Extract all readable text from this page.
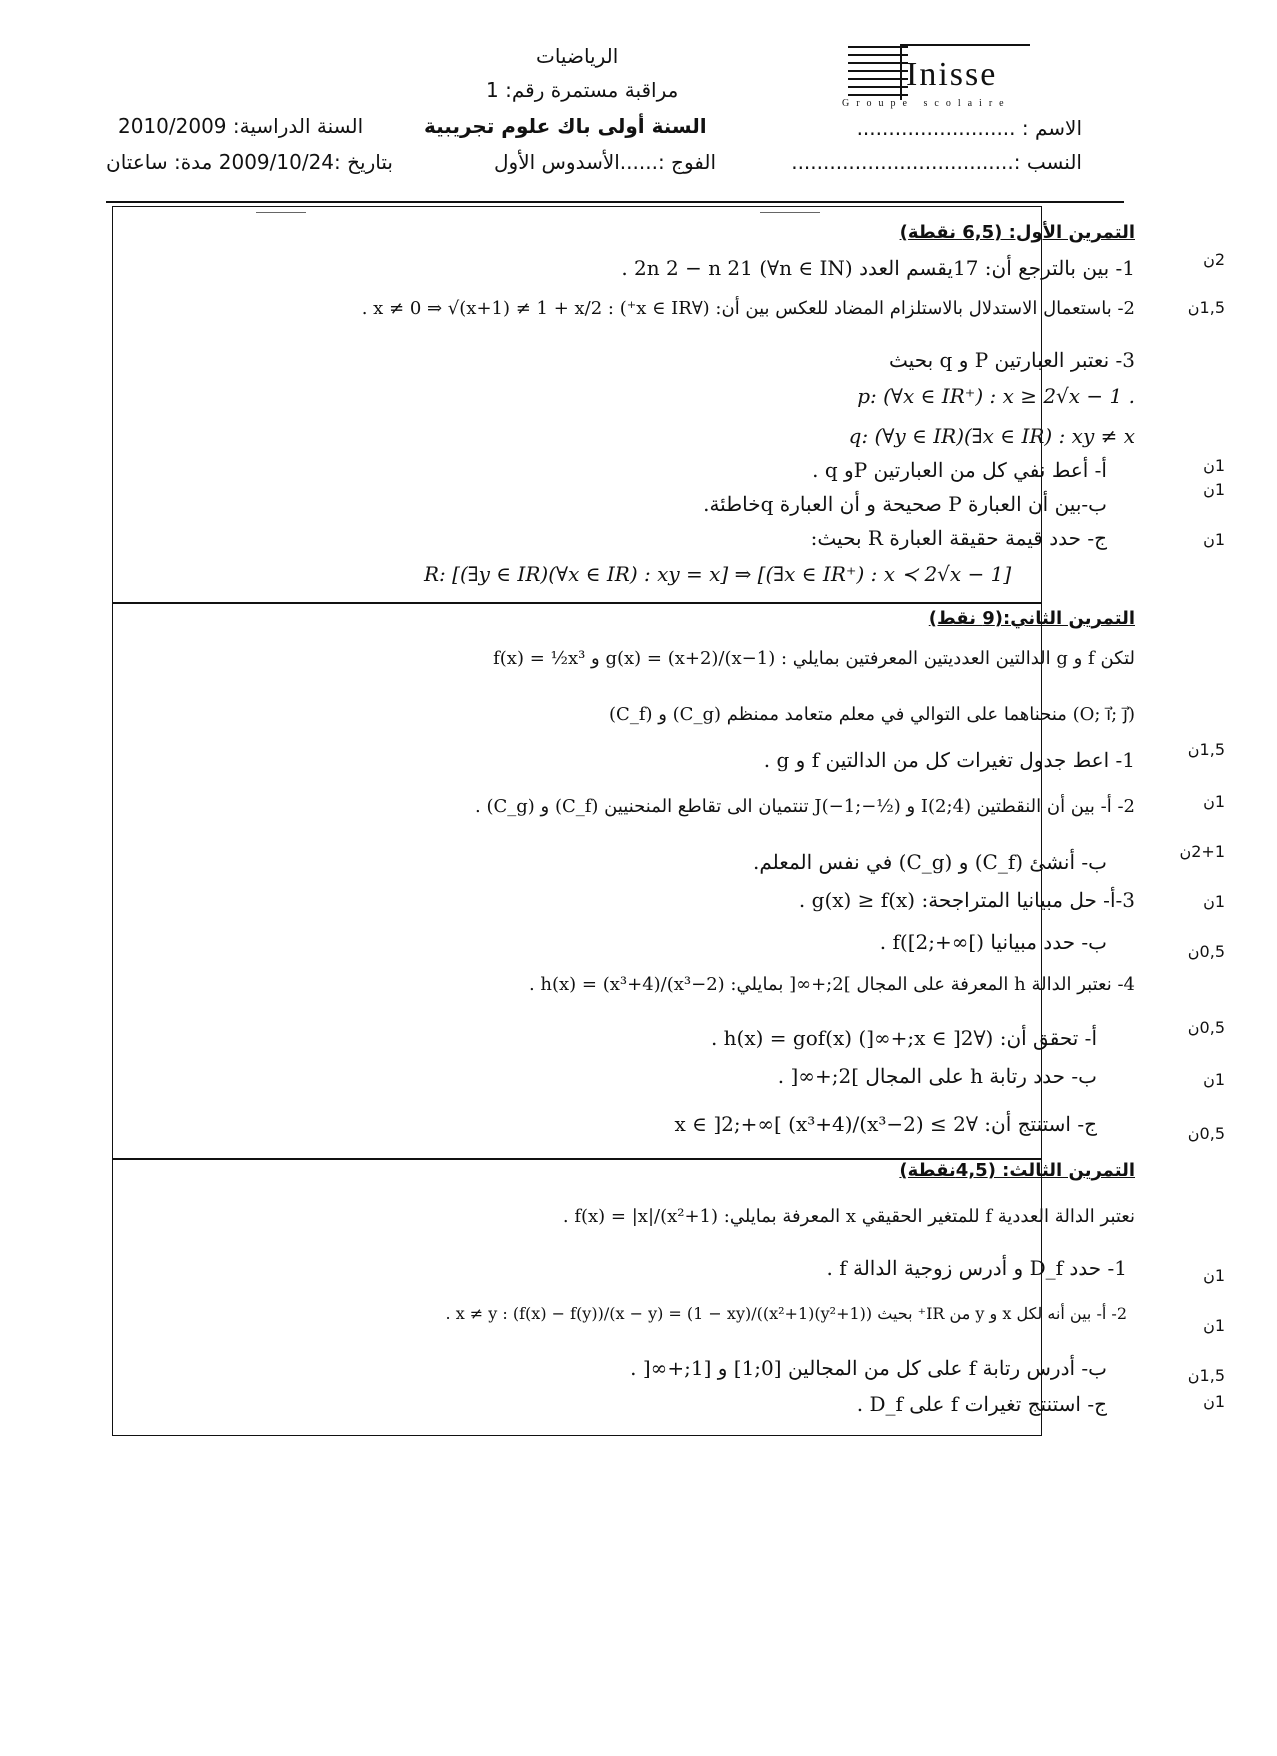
Inisse
Groupe scolaire
الرياضيات
مراقبة مستمرة رقم: 1
السنة أولى باك علوم تجريبية
السنة الدراسية: 2010/2009
بتاريخ :2009/10/24 مدة: ساعتان	الفوج :......الأسدوس الأول
الاسم : .........................
النسب :...................................
التمرين الأول: (6,5 نقطة)
1- بين بالترجع أن: 17يقسم العدد 2n 2 − n 21 (∀n ∈ IN) .
2- باستعمال الاستدلال بالاستلزام المضاد للعكس بين أن: (∀x ∈ IR⁺) : x ≠ 0 ⇒ √(x+1) ≠ 1 + x/2 .
3- نعتبر العبارتين P و q بحيث
p: (∀x ∈ IR⁺) : x ≥ 2√x − 1 .
q: (∀y ∈ IR)(∃x ∈ IR) : xy ≠ x
أ- أعط نفي كل من العبارتين Pو q .
ب-بين أن العبارة P صحيحة و أن العبارة qخاطئة.
ج- حدد قيمة حقيقة العبارة R بحيث:
R: [(∃y ∈ IR)(∀x ∈ IR) : xy = x] ⇒ [(∃x ∈ IR⁺) : x ≺ 2√x − 1]
2ن
1,5ن
1ن
1ن
1ن
التمرين الثاني:(9 نقط)
لتكن f و g الدالتين العدديتين المعرفتين بمايلي : g(x) = (x+2)/(x−1) و f(x) = ½x³
(C_f) و (C_g) منحناهما على التوالي في معلم متعامد ممنظم (O; i⃗; j⃗)
1- اعط جدول تغيرات كل من الدالتين f و g .
2- أ- بين أن النقطتين I(2;4) و J(−1;−½) تنتميان الى تقاطع المنحنيين (C_f) و (C_g) .
ب- أنشئ (C_f) و (C_g) في نفس المعلم.
3-أ- حل مبيانيا المتراجحة: g(x) ≥ f(x) .
ب- حدد مبيانيا f([2;+∞[) .
4- نعتبر الدالة h المعرفة على المجال ]2;+∞[ بمايلي: h(x) = (x³+4)/(x³−2) .
أ- تحقق أن: (∀x ∈ ]2;+∞[) h(x) = gof(x) .
ب- حدد رتابة h على المجال ]2;+∞[ .
ج- استنتج أن: ∀x ∈ ]2;+∞[ (x³+4)/(x³−2) ≤ 2
1,5ن
1ن
2+1ن
1ن
0,5ن
0,5ن
1ن
0,5ن
التمرين الثالث: (4,5نقطة)
نعتبر الدالة العددية f للمتغير الحقيقي x المعرفة بمايلي: f(x) = |x|/(x²+1) .
1- حدد D_f و أدرس زوجية الدالة f .
2- أ- بين أنه لكل x و y من IR⁺ بحيث x ≠ y : (f(x) − f(y))/(x − y) = (1 − xy)/((x²+1)(y²+1)) .
ب- أدرس رتابة f على كل من المجالين [0;1] و [1;+∞[ .
ج- استنتج تغيرات f على D_f .
1ن
1ن
1,5ن
1ن
